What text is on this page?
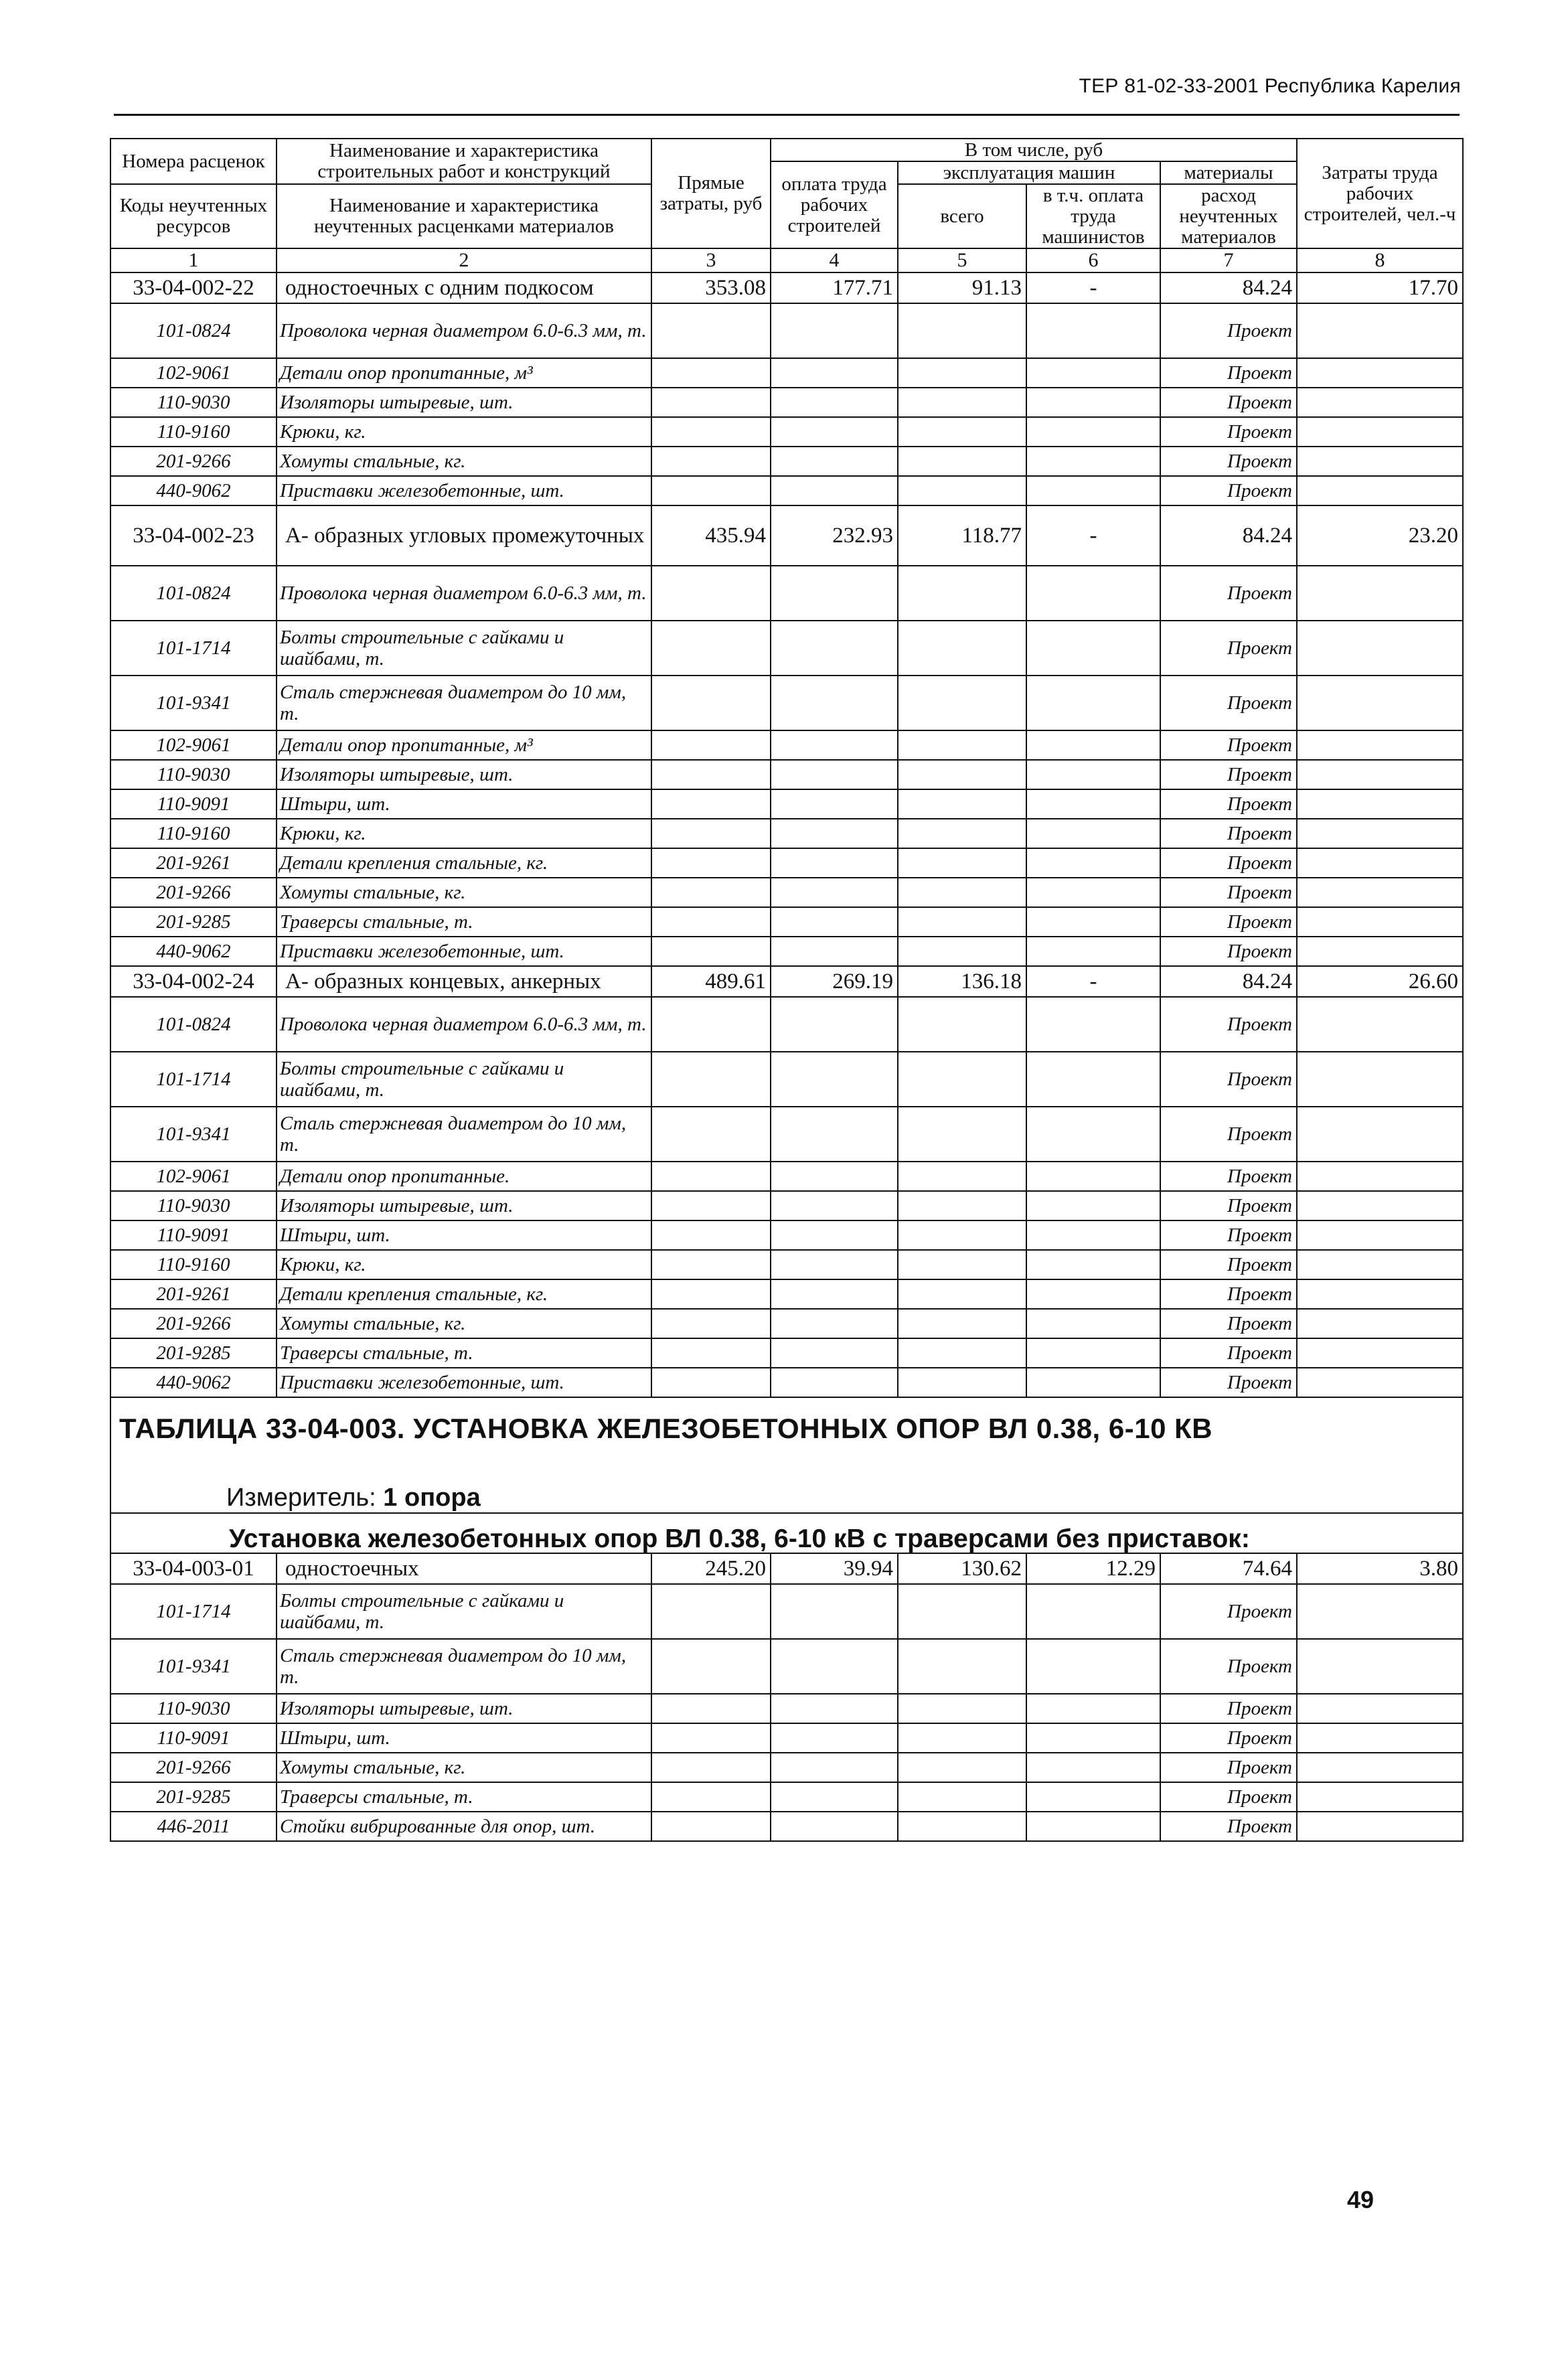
ТЕР 81-02-33-2001 Республика Карелия
Номера расценок	Наименование и характеристика строительных работ и конструкций	Прямые затраты, руб	В том числе, руб				Затраты труда рабочих строителей, чел.-ч
			оплата труда рабочих строителей	эксплуатация машин		материалы	
Коды неучтенных ресурсов	Наименование и характеристика неучтенных расценками материалов			всего	в т.ч. оплата труда машинистов	расход неучтенных материалов	

1	2	3	4	5	6	7	8
33-04-002-22	одностоечных с одним подкосом	353.08	177.71	91.13	-	84.24	17.70
101-0824	Проволока черная диаметром 6.0-6.3 мм, т.					Проект	
102-9061	Детали опор пропитанные, м³					Проект	
110-9030	Изоляторы штыревые, шт.					Проект	
110-9160	Крюки, кг.					Проект	
201-9266	Хомуты стальные, кг.					Проект	
440-9062	Приставки железобетонные, шт.					Проект	
33-04-002-23	А- образных угловых промежуточных	435.94	232.93	118.77	-	84.24	23.20
101-0824	Проволока черная диаметром 6.0-6.3 мм, т.					Проект	
101-1714	Болты строительные с гайками и шайбами, т.					Проект	
101-9341	Сталь стержневая диаметром до 10 мм, т.					Проект	
102-9061	Детали опор пропитанные, м³					Проект	
110-9030	Изоляторы штыревые, шт.					Проект	
110-9091	Штыри, шт.					Проект	
110-9160	Крюки, кг.					Проект	
201-9261	Детали крепления стальные, кг.					Проект	
201-9266	Хомуты стальные, кг.					Проект	
201-9285	Траверсы стальные, т.					Проект	
440-9062	Приставки железобетонные, шт.					Проект	
33-04-002-24	А- образных концевых, анкерных	489.61	269.19	136.18	-	84.24	26.60
101-0824	Проволока черная диаметром 6.0-6.3 мм, т.					Проект	
101-1714	Болты строительные с гайками и шайбами, т.					Проект	
101-9341	Сталь стержневая диаметром до 10 мм, т.					Проект	
102-9061	Детали опор пропитанные.					Проект	
110-9030	Изоляторы штыревые, шт.					Проект	
110-9091	Штыри, шт.					Проект	
110-9160	Крюки, кг.					Проект	
201-9261	Детали крепления стальные, кг.					Проект	
201-9266	Хомуты стальные, кг.					Проект	
201-9285	Траверсы стальные, т.					Проект	
440-9062	Приставки железобетонные, шт.					Проект	

ТАБЛИЦА 33-04-003. УСТАНОВКА ЖЕЛЕЗОБЕТОННЫХ ОПОР ВЛ 0.38, 6-10 КВ
Измеритель: 1 опора							

Установка железобетонных опор ВЛ 0.38, 6-10 кВ с траверсами без приставок:							
33-04-003-01	одностоечных	245.20	39.94	130.62	12.29	74.64	3.80
101-1714	Болты строительные с гайками и шайбами, т.					Проект	
101-9341	Сталь стержневая диаметром до 10 мм, т.					Проект	
110-9030	Изоляторы штыревые, шт.					Проект	
110-9091	Штыри, шт.					Проект	
201-9266	Хомуты стальные, кг.					Проект	
201-9285	Траверсы стальные, т.					Проект	
446-2011	Стойки вибрированные для опор, шт.					Проект	
49
